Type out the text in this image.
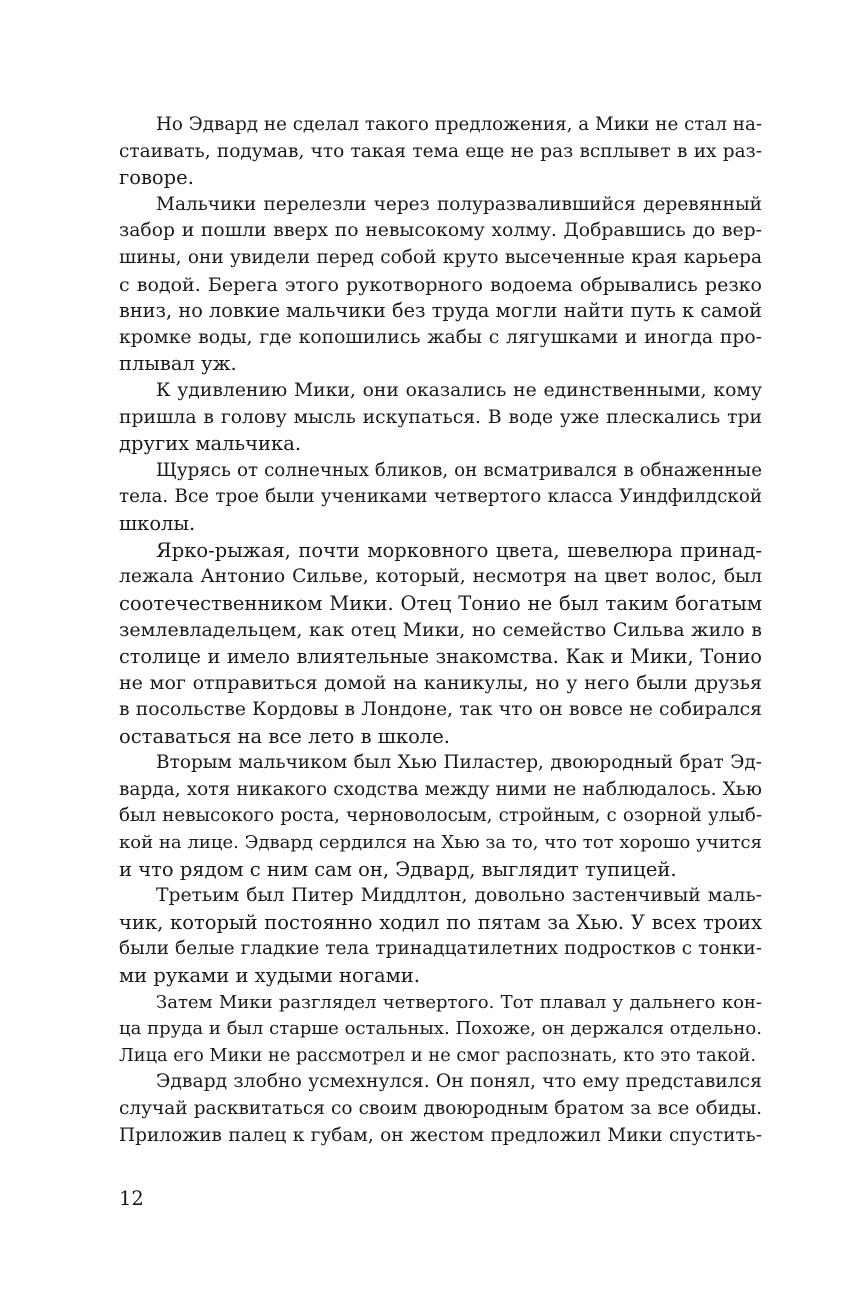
Но Эдвард не сделал такого предложения, а Мики не стал на-
стаивать, подумав, что такая тема еще не раз всплывет в их раз-
говоре.
Мальчики перелезли через полуразвалившийся деревянный
забор и пошли вверх по невысокому холму. Добравшись до вер-
шины, они увидели перед собой круто высеченные края карьера
с водой. Берега этого рукотворного водоема обрывались резко
вниз, но ловкие мальчики без труда могли найти путь к самой
кромке воды, где копошились жабы с лягушками и иногда про-
плывал уж.
К удивлению Мики, они оказались не единственными, кому
пришла в голову мысль искупаться. В воде уже плескались три
других мальчика.
Щурясь от солнечных бликов, он всматривался в обнаженные
тела. Все трое были учениками четвертого класса Уиндфилдской
школы.
Ярко-рыжая, почти морковного цвета, шевелюра принад-
лежала Антонио Сильве, который, несмотря на цвет волос, был
соотечественником Мики. Отец Тонио не был таким богатым
землевладельцем, как отец Мики, но семейство Сильва жило в
столице и имело влиятельные знакомства. Как и Мики, Тонио
не мог отправиться домой на каникулы, но у него были друзья
в посольстве Кордовы в Лондоне, так что он вовсе не собирался
оставаться на все лето в школе.
Вторым мальчиком был Хью Пиластер, двоюродный брат Эд-
варда, хотя никакого сходства между ними не наблюдалось. Хью
был невысокого роста, черноволосым, стройным, с озорной улыб-
кой на лице. Эдвард сердился на Хью за то, что тот хорошо учится
и что рядом с ним сам он, Эдвард, выглядит тупицей.
Третьим был Питер Миддлтон, довольно застенчивый маль-
чик, который постоянно ходил по пятам за Хью. У всех троих
были белые гладкие тела тринадцатилетних подростков с тонки-
ми руками и худыми ногами.
Затем Мики разглядел четвертого. Тот плавал у дальнего кон-
ца пруда и был старше остальных. Похоже, он держался отдельно.
Лица его Мики не рассмотрел и не смог распознать, кто это такой.
Эдвард злобно усмехнулся. Он понял, что ему представился
случай расквитаться со своим двоюродным братом за все обиды.
Приложив палец к губам, он жестом предложил Мики спустить-
12
